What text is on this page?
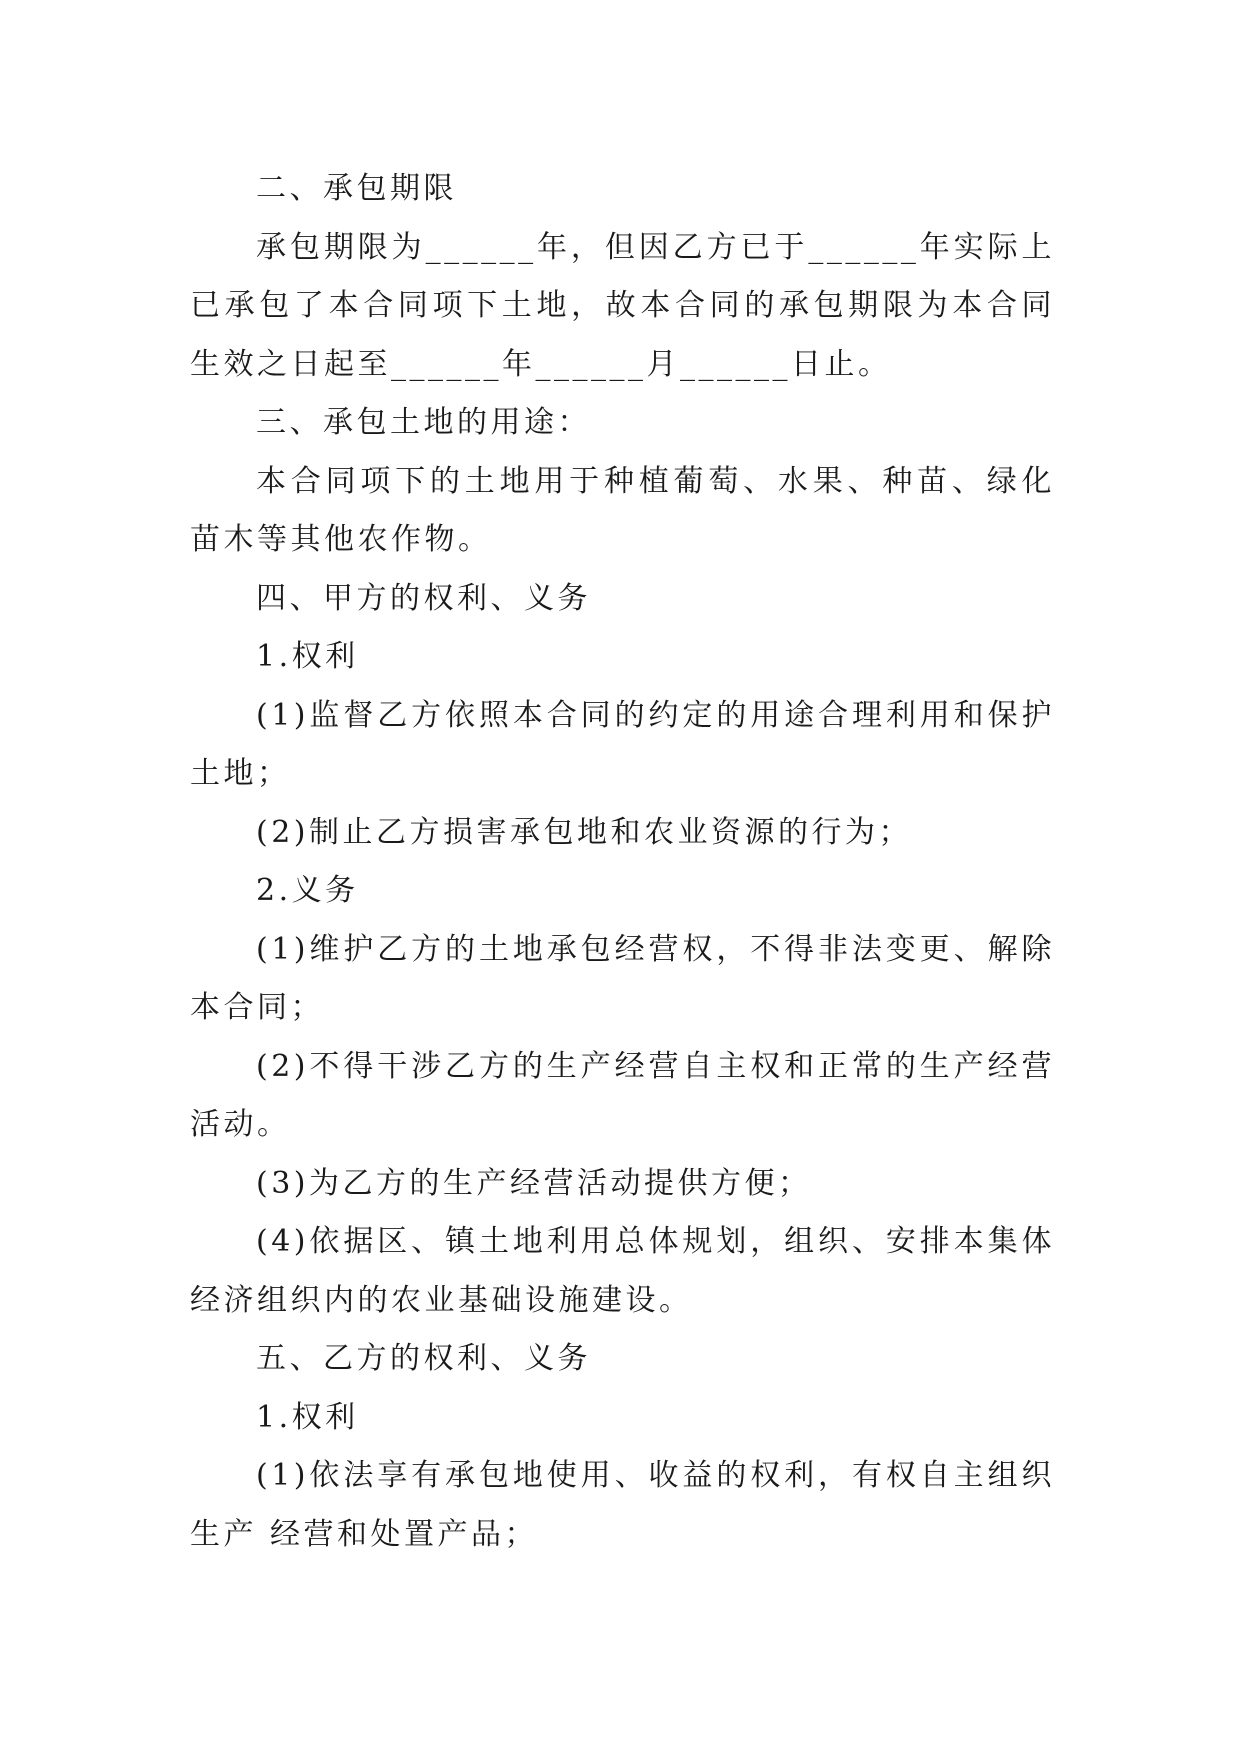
二、承包期限

承包期限为______年，但因乙方已于______年实际上已承包了本合同项下土地，故本合同的承包期限为本合同生效之日起至______年______月______日止。

三、承包土地的用途：

本合同项下的土地用于种植葡萄、水果、种苗、绿化苗木等其他农作物。

四、甲方的权利、义务

1.权利

(1)监督乙方依照本合同的约定的用途合理利用和保护土地；

(2)制止乙方损害承包地和农业资源的行为；

2.义务

(1)维护乙方的土地承包经营权，不得非法变更、解除本合同；

(2)不得干涉乙方的生产经营自主权和正常的生产经营活动。

(3)为乙方的生产经营活动提供方便；

(4)依据区、镇土地利用总体规划，组织、安排本集体经济组织内的农业基础设施建设。

五、乙方的权利、义务

1.权利

(1)依法享有承包地使用、收益的权利，有权自主组织生产 经营和处置产品；
